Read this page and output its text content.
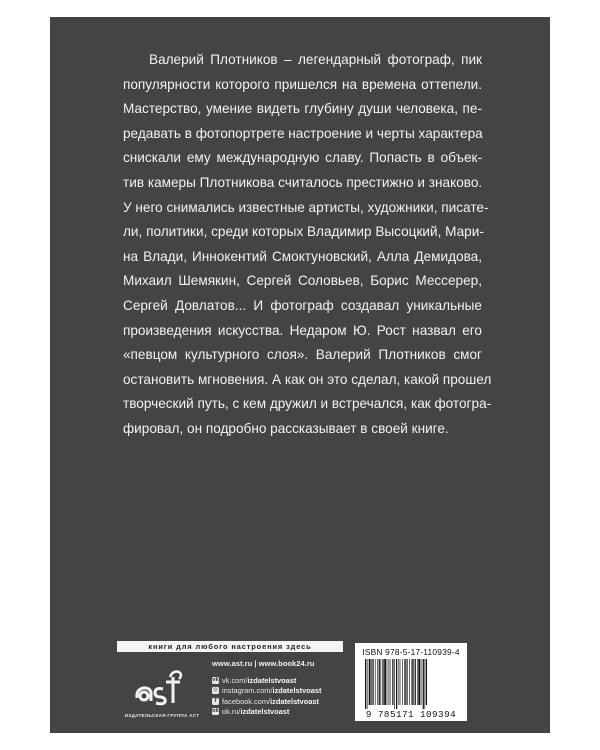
Валерий Плотников – легендарный фотограф, пик

популярности которого пришелся на времена оттепели.

Мастерство, умение видеть глубину души человека, пе-

редавать в фотопортрете настроение и черты характера

снискали ему международную славу. Попасть в объек-

тив камеры Плотникова считалось престижно и знаково.

У него снимались известные артисты, художники, писате-

ли, политики, среди которых Владимир Высоцкий, Мари-

на Влади, Иннокентий Смоктуновский, Алла Демидова,

Михаил Шемякин, Сергей Соловьев, Борис Мессерер,

Сергей Довлатов... И фотограф создавал уникальные

произведения искусства. Недаром Ю. Рост назвал его

«певцом культурного слоя». Валерий Плотников смог

остановить мгновения. А как он это сделал, какой прошел

творческий путь, с кем дружил и встречался, как фотогра-

фировал, он подробно рассказывает в своей книге.

книги для любого настроения здесь
ИЗДАТЕЛЬСКАЯ ГРУППА АСТ
www.ast.ru | www.book24.ru
vk vk.com/ izdatelstvoast
◎ instagram.com/ izdatelstvoast
f facebook.com/ izdatelstvoast
ok ok.ru/ izdatelstvoast
ISBN 978-5-17-110939-4
9 785171 109394
